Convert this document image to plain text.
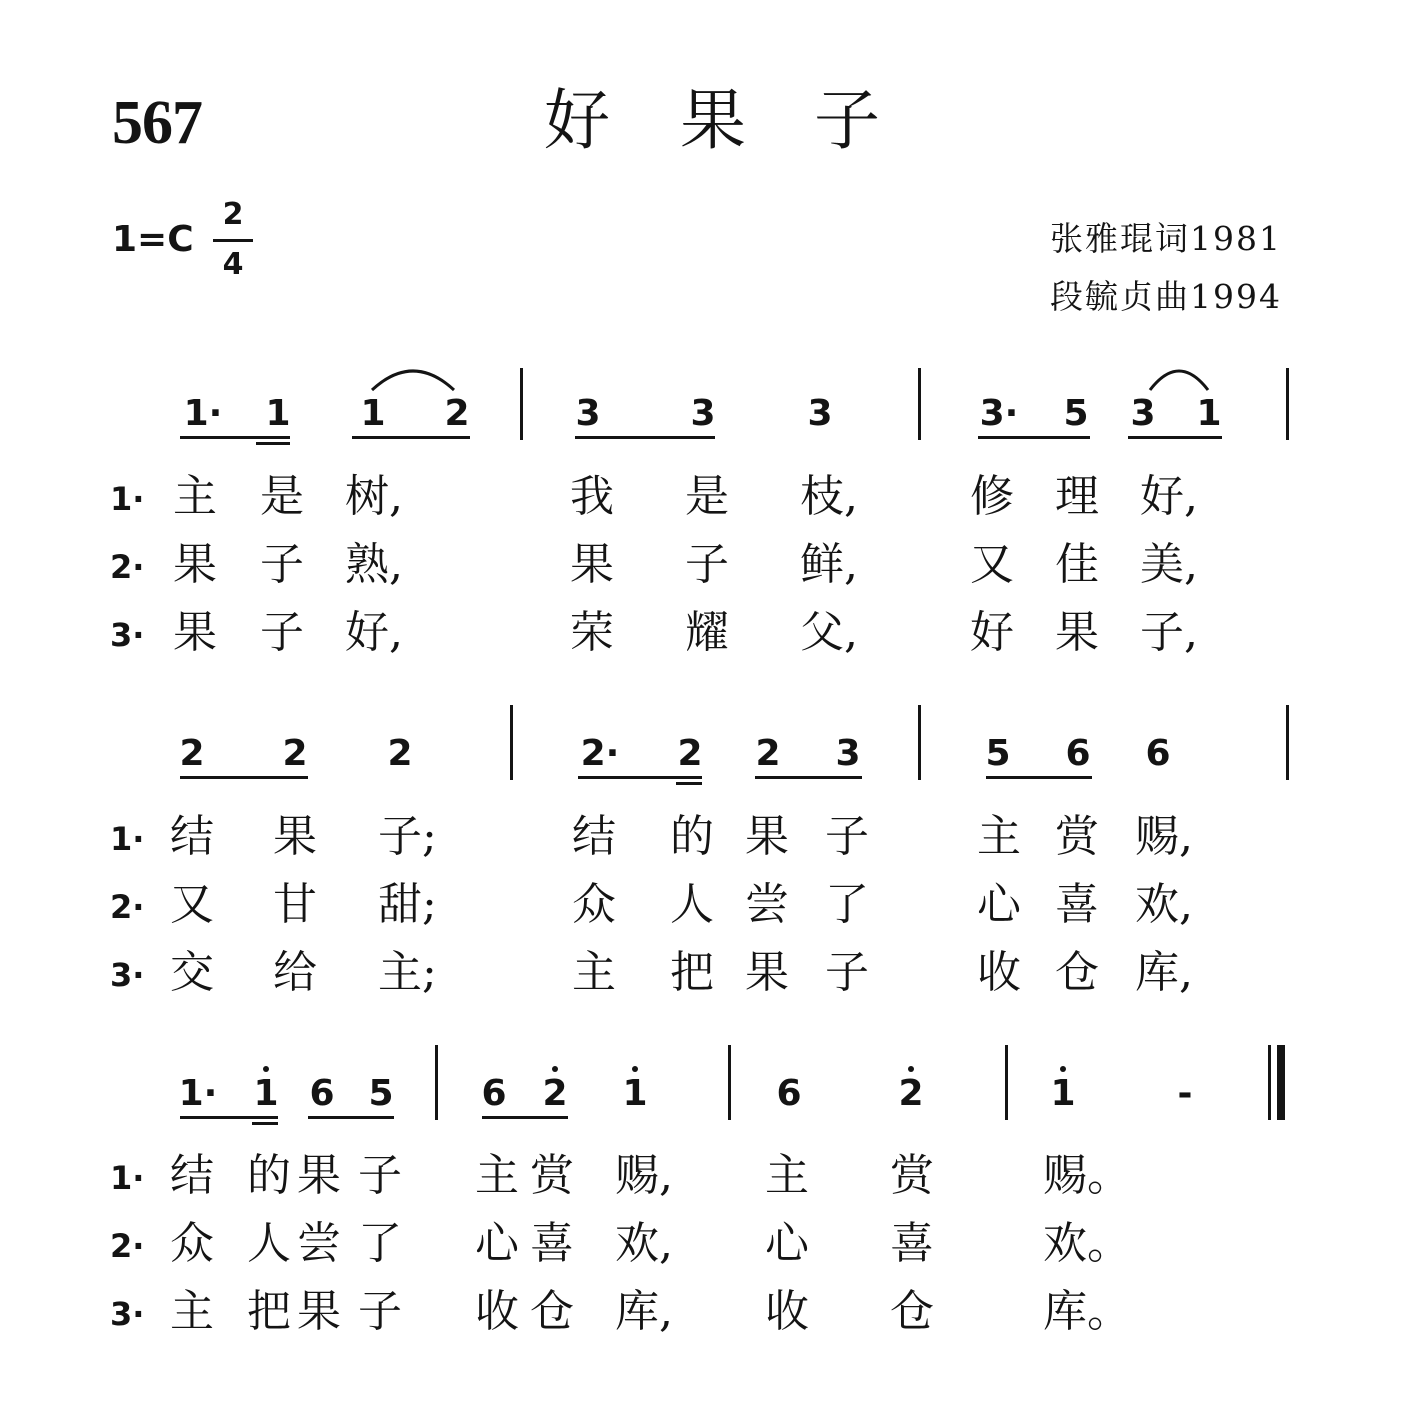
567	好 果 子
1=C
2
4
张雅琨词1981
段毓贞曲1994
1· 1 1 2	3 3	3	3· 5 3 1
1· 主 是 树,	我	是	枝,	修 理 好,
2· 果 子 熟,	果	子	鲜,	又 佳 美,
3· 果 子 好,	荣	耀	父,	好 果 子,
2 2 2	2· 2 2 3	5 6 6
1· 结	果	子;	结	的 果 子	主 赏 赐,
2· 又	甘	甜;	众	人 尝 了	心 喜 欢,
3· 交	给	主;	主	把 果 子	收 仓 库,
1· 1 6 5 6 2 1	6	2	1	-
1· 结 的 果 子	主 赏 赐,	主	赏	赐。
2· 众 人 尝 了	心 喜 欢,	心	喜	欢。
3· 主 把 果 子	收 仓 库,	收	仓	库。
